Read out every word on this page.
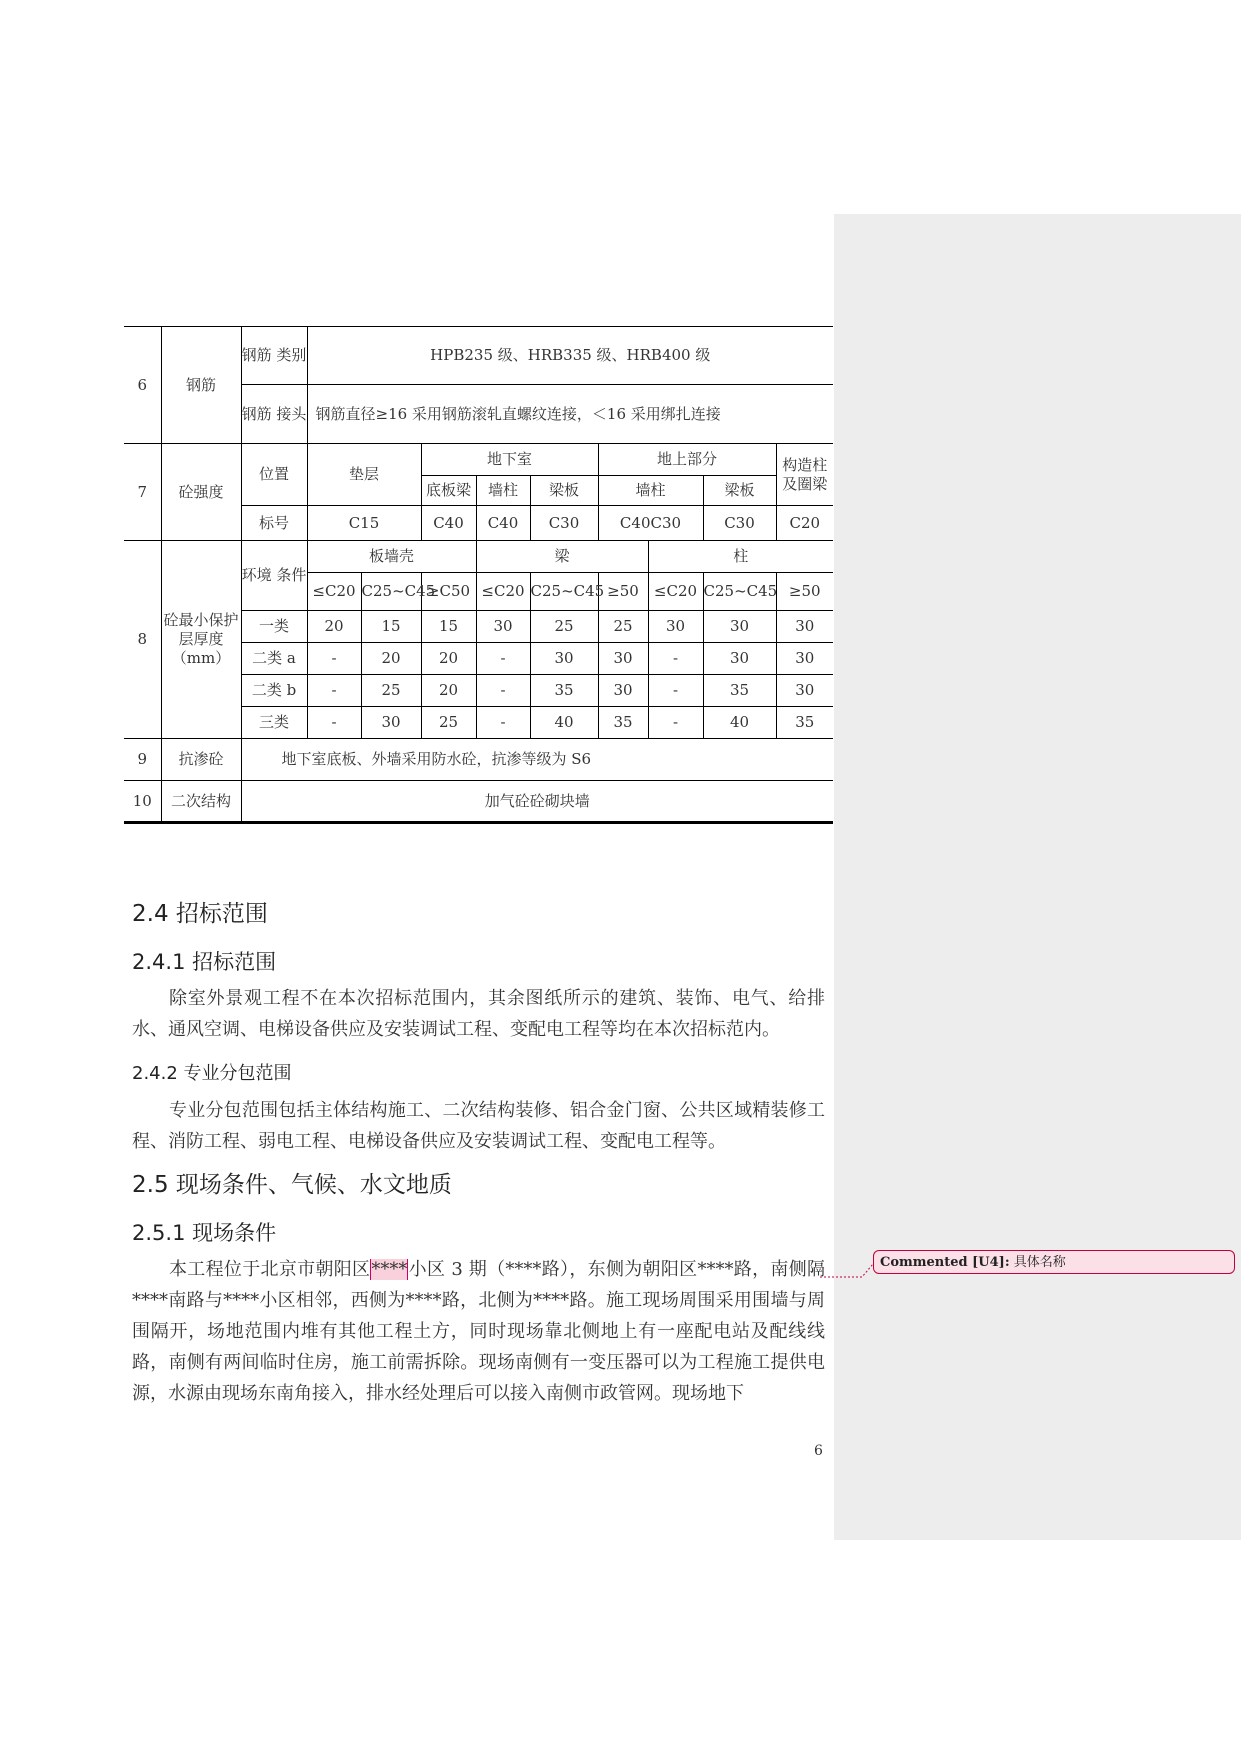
6	钢筋	钢筋 类别	HPB235 级、HRB335 级、HRB400 级								
		钢筋 接头	钢筋直径≥16 采用钢筋滚轧直螺纹连接，＜16 采用绑扎连接								
7	砼强度	位置	垫层		地下室			地上部分			构造柱及圈梁
					底板梁	墙柱	梁板	墙柱		梁板	
		标号	C15		C40	C40	C30	C40C30		C30	C20
8	砼最小保护层厚度（mm）	环境 条件	板墙壳			梁			柱		
			≤C20	C25~C45	≥C50	≤C20	C25~C45	≥50	≤C20	C25~C45	≥50
		一类	20	15	15	30	25	25	30	30	30
		二类 a	-	20	20	-	30	30	-	30	30
		二类 b	-	25	20	-	35	30	-	35	30
		三类	-	30	25	-	40	35	-	40	35
9	抗渗砼	地下室底板、外墙采用防水砼，抗渗等级为 S6									
10	二次结构	加气砼砼砌块墙									
2.4 招标范围
2.4.1 招标范围

除室外景观工程不在本次招标范围内，其余图纸所示的建筑、装饰、电气、给排水、通风空调、电梯设备供应及安装调试工程、变配电工程等均在本次招标范内。

2.4.2 专业分包范围

专业分包范围包括主体结构施工、二次结构装修、铝合金门窗、公共区域精装修工程、消防工程、弱电工程、电梯设备供应及安装调试工程、变配电工程等。

2.5 现场条件、气候、水文地质
2.5.1 现场条件

本工程位于北京市朝阳区****小区 3 期（****路），东侧为朝阳区****路，南侧隔****南路与****小区相邻，西侧为****路，北侧为****路。施工现场周围采用围墙与周围隔开，场地范围内堆有其他工程土方，同时现场靠北侧地上有一座配电站及配线线路，南侧有两间临时住房，施工前需拆除。现场南侧有一变压器可以为工程施工提供电源，水源由现场东南角接入，排水经处理后可以接入南侧市政管网。现场地下

Commented [U4]: 具体名称
6
